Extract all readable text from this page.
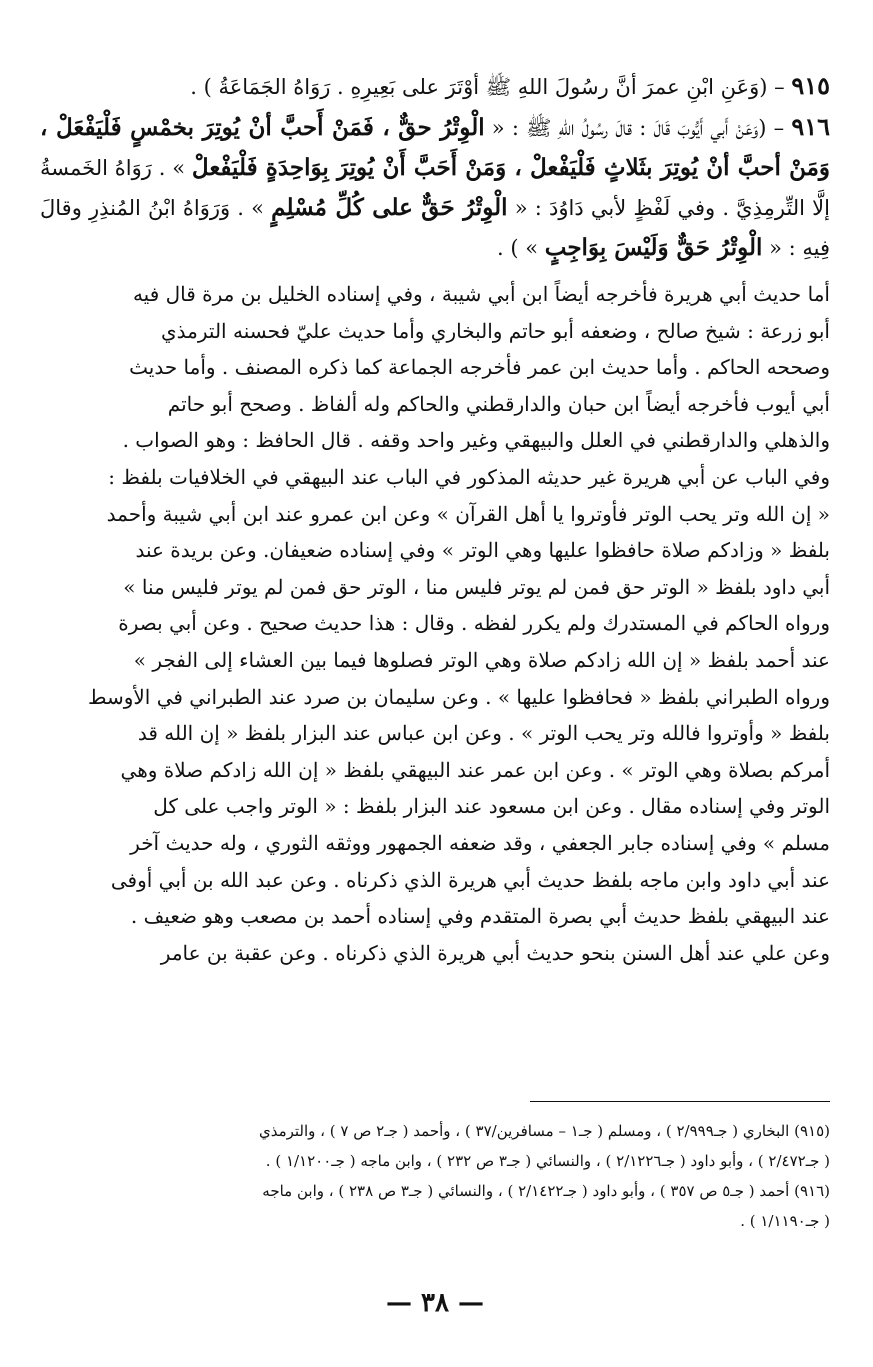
٩١٥ – (وَعَنِ ابْنِ عمرَ أنَّ رسُولَ اللهِ ﷺ أوْتَرَ على بَعِيرِهِ . رَوَاهُ الجَمَاعَةُ ) .

٩١٦ – (وَعَنْ أَبي أَيُّوبَ قَالَ : قالَ رسُولُ اللهِ ﷺ : « الْوِتْرُ حقٌّ ، فَمَنْ أَحبَّ أنْ يُوتِرَ بخمْسٍ فَلْيَفْعَلْ ، وَمَنْ أحبَّ أنْ يُوتِرَ بثَلاثٍ فَلْيَفْعلْ ، وَمَنْ أَحَبَّ أَنْ يُوتِرَ بِوَاحِدَةٍ فَلْيَفْعلْ » . رَوَاهُ الخَمسةُ إلَّا التِّرمِذِيَّ . وفي لَفْظٍ لأبي دَاوُدَ : « الْوِتْرُ حَقٌّ على كُلِّ مُسْلِمٍ » . وَرَوَاهُ ابْنُ المُنذِرِ وقالَ فِيهِ : « الْوِتْرُ حَقٌّ وَلَيْسَ بِوَاجِبٍ » ) .

أما حديث أبي هريرة فأخرجه أيضاً ابن أبي شيبة ، وفي إسناده الخليل بن مرة قال فيه
أبو زرعة : شيخ صالح ، وضعفه أبو حاتم والبخاري وأما حديث عليّ فحسنه الترمذي
وصححه الحاكم . وأما حديث ابن عمر فأخرجه الجماعة كما ذكره المصنف . وأما حديث
أبي أيوب فأخرجه أيضاً ابن حبان والدارقطني والحاكم وله ألفاظ . وصحح أبو حاتم
والذهلي والدارقطني في العلل والبيهقي وغير واحد وقفه . قال الحافظ : وهو الصواب .
وفي الباب عن أبي هريرة غير حديثه المذكور في الباب عند البيهقي في الخلافيات بلفظ :
« إن الله وتر يحب الوتر فأوتروا يا أهل القرآن » وعن ابن عمرو عند ابن أبي شيبة وأحمد
بلفظ « وزادكم صلاة حافظوا عليها وهي الوتر » وفي إسناده ضعيفان. وعن بريدة عند
أبي داود بلفظ « الوتر حق فمن لم يوتر فليس منا ، الوتر حق فمن لم يوتر فليس منا »
ورواه الحاكم في المستدرك ولم يكرر لفظه . وقال : هذا حديث صحيح . وعن أبي بصرة
عند أحمد بلفظ « إن الله زادكم صلاة وهي الوتر فصلوها فيما بين العشاء إلى الفجر »
ورواه الطبراني بلفظ « فحافظوا عليها » . وعن سليمان بن صرد عند الطبراني في الأوسط
بلفظ « وأوتروا فالله وتر يحب الوتر » . وعن ابن عباس عند البزار بلفظ « إن الله قد
أمركم بصلاة وهي الوتر » . وعن ابن عمر عند البيهقي بلفظ « إن الله زادكم صلاة وهي
الوتر وفي إسناده مقال . وعن ابن مسعود عند البزار بلفظ : « الوتر واجب على كل
مسلم » وفي إسناده جابر الجعفي ، وقد ضعفه الجمهور ووثقه الثوري ، وله حديث آخر
عند أبي داود وابن ماجه بلفظ حديث أبي هريرة الذي ذكرناه . وعن عبد الله بن أبي أوفى
عند البيهقي بلفظ حديث أبي بصرة المتقدم وفي إسناده أحمد بن مصعب وهو ضعيف .
وعن علي عند أهل السنن بنحو حديث أبي هريرة الذي ذكرناه . وعن عقبة بن عامر
(٩١٥) البخاري ( جـ٢/٩٩٩ ) ، ومسلم ( جـ١ – مسافرين/٣٧ ) ، وأحمد ( جـ٢ ص ٧ ) ، والترمذي
( جـ٢/٤٧٢ ) ، وأبو داود ( جـ٢/١٢٢٦ ) ، والنسائي ( جـ٣ ص ٢٣٢ ) ، وابن ماجه ( جـ١/١٢٠٠ ) .
(٩١٦) أحمد ( جـ٥ ص ٣٥٧ ) ، وأبو داود ( جـ٢/١٤٢٢ ) ، والنسائي ( جـ٣ ص ٢٣٨ ) ، وابن ماجه
( جـ١/١١٩٠ ) .
— ٣٨ —
